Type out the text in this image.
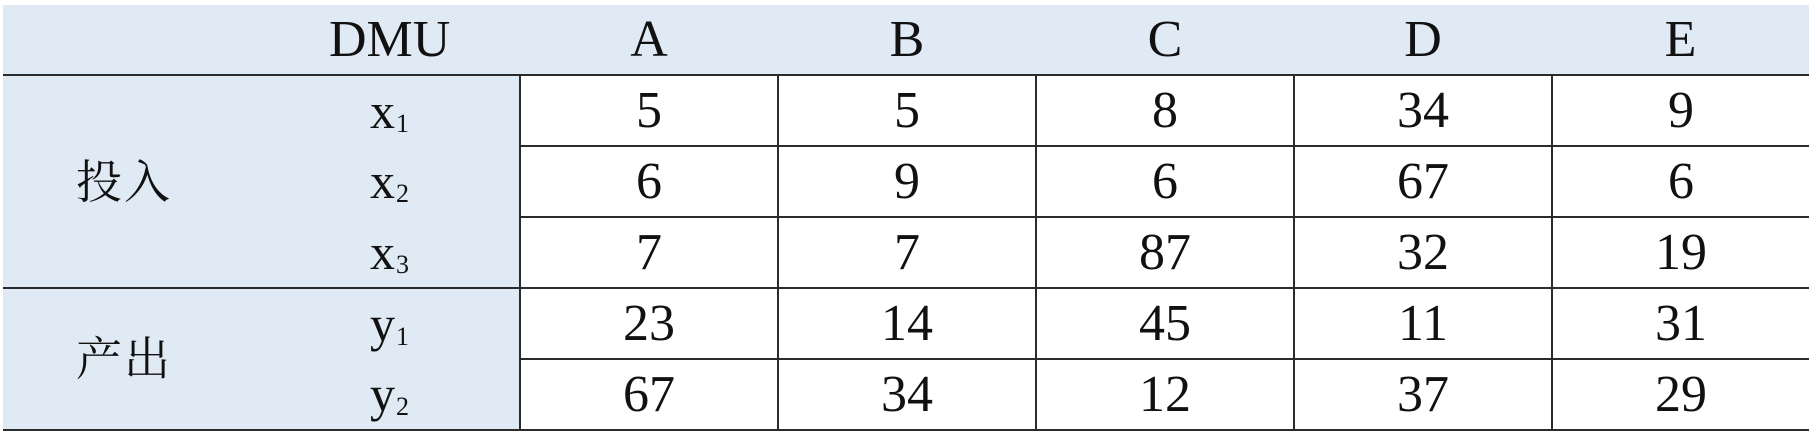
	DMU	A	B	C	D	E
投入	$x_1$	5	5	8	34	9
	$x_2$	6	9	6	67	6
	$x_3$	7	7	87	32	19
产出	$y_1$	23	14	45	11	31
	$y_2$	67	34	12	37	29
